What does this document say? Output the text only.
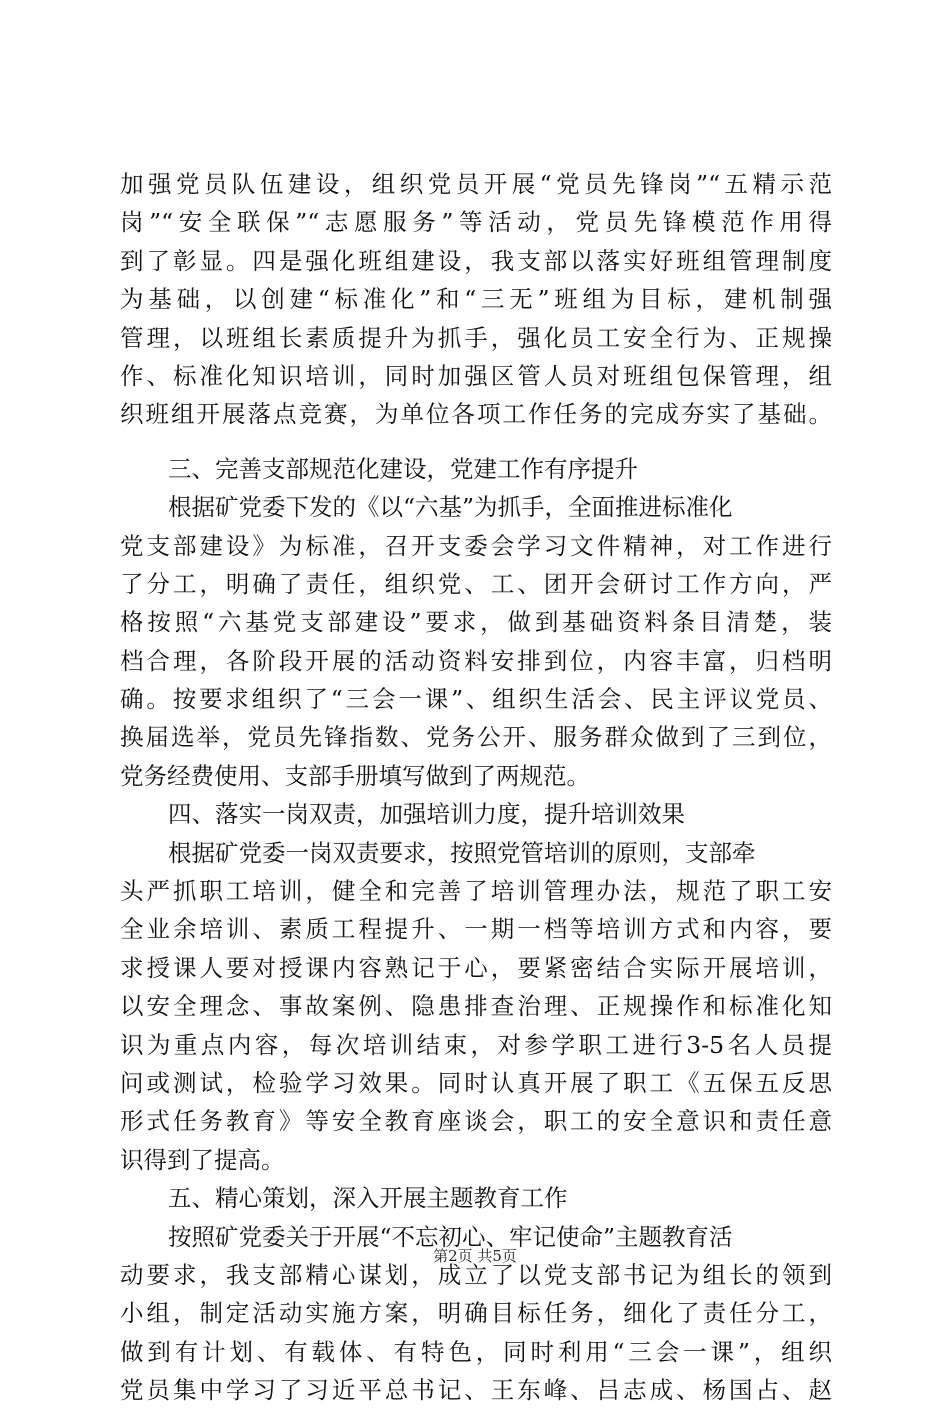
加强党员队伍建设，组织党员开展“党员先锋岗”“五精示范
岗”“安全联保”“志愿服务”等活动，党员先锋模范作用得
到了彰显。四是强化班组建设，我支部以落实好班组管理制度
为基础，以创建“标准化”和“三无”班组为目标，建机制强
管理，以班组长素质提升为抓手，强化员工安全行为、正规操
作、标准化知识培训，同时加强区管人员对班组包保管理，组
织班组开展落点竞赛，为单位各项工作任务的完成夯实了基础。
三、完善支部规范化建设，党建工作有序提升
根据矿党委下发的《以“六基”为抓手，全面推进标准化
党支部建设》为标准，召开支委会学习文件精神，对工作进行
了分工，明确了责任，组织党、工、团开会研讨工作方向，严
格按照“六基党支部建设”要求，做到基础资料条目清楚，装
档合理，各阶段开展的活动资料安排到位，内容丰富，归档明
确。按要求组织了“三会一课”、组织生活会、民主评议党员、
换届选举，党员先锋指数、党务公开、服务群众做到了三到位，
党务经费使用、支部手册填写做到了两规范。
四、落实一岗双责，加强培训力度，提升培训效果
根据矿党委一岗双责要求，按照党管培训的原则，支部牵
头严抓职工培训，健全和完善了培训管理办法，规范了职工安
全业余培训、素质工程提升、一期一档等培训方式和内容，要
求授课人要对授课内容熟记于心，要紧密结合实际开展培训，
以安全理念、事故案例、隐患排查治理、正规操作和标准化知
识为重点内容，每次培训结束，对参学职工进行3-5名人员提
问或测试，检验学习效果。同时认真开展了职工《五保五反思
形式任务教育》等安全教育座谈会，职工的安全意识和责任意
识得到了提高。
五、精心策划，深入开展主题教育工作
按照矿党委关于开展“不忘初心、牢记使命”主题教育活
动要求，我支部精心谋划，成立了以党支部书记为组长的领到
小组，制定活动实施方案，明确目标任务，细化了责任分工，
做到有计划、有载体、有特色，同时利用“三会一课”，组织
党员集中学习了习近平总书记、王东峰、吕志成、杨国占、赵
第2页 共5页
